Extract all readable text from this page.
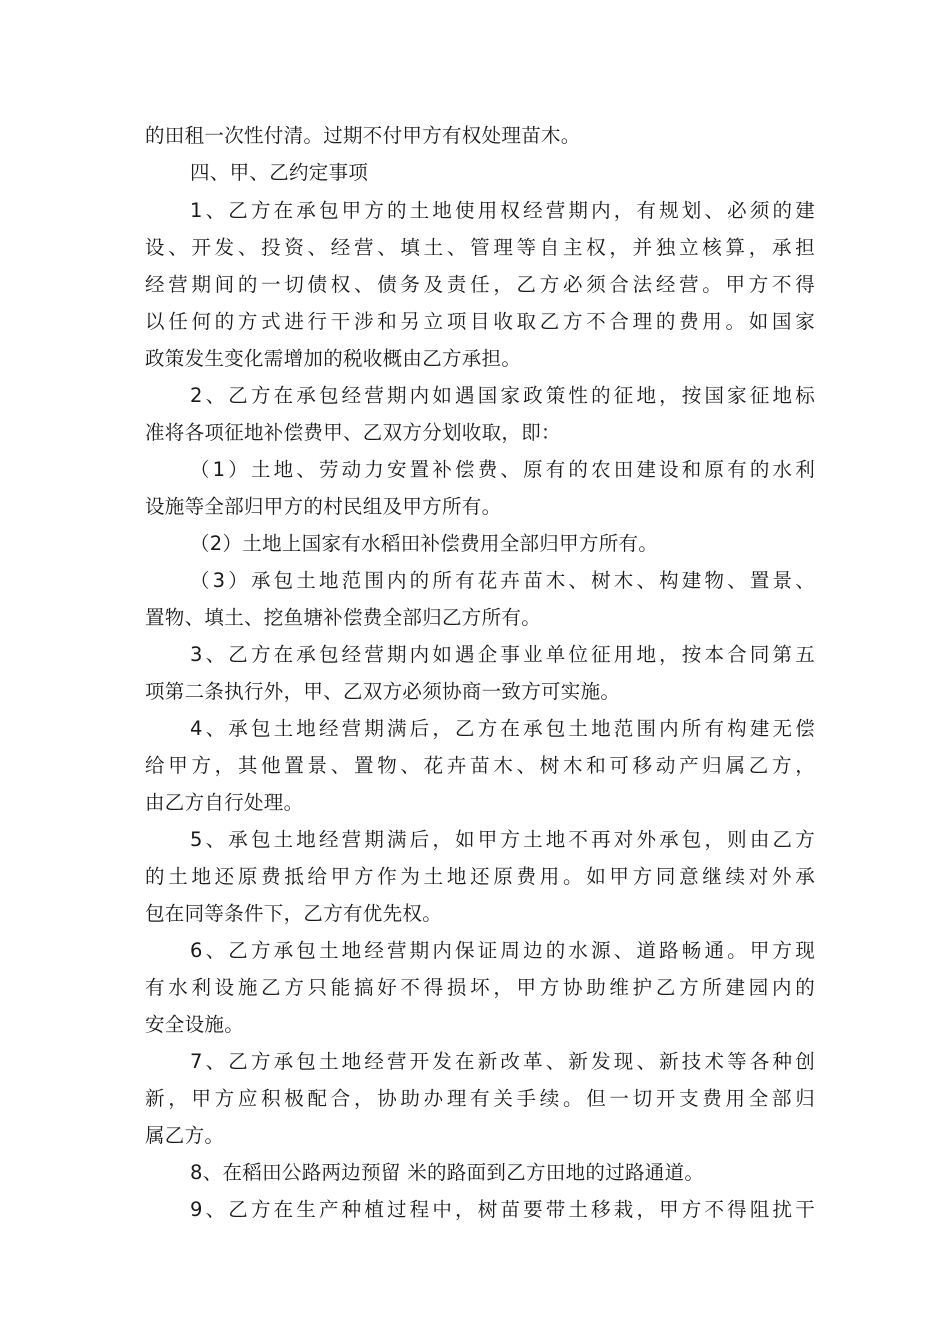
的田租一次性付清。过期不付甲方有权处理苗木。
四、甲、乙约定事项
1、乙方在承包甲方的土地使用权经营期内，有规划、必须的建
设、开发、投资、经营、填土、管理等自主权，并独立核算，承担
经营期间的一切债权、债务及责任，乙方必须合法经营。甲方不得
以任何的方式进行干涉和另立项目收取乙方不合理的费用。如国家
政策发生变化需增加的税收概由乙方承担。
2、乙方在承包经营期内如遇国家政策性的征地，按国家征地标
准将各项征地补偿费甲、乙双方分划收取，即：
（1）土地、劳动力安置补偿费、原有的农田建设和原有的水利
设施等全部归甲方的村民组及甲方所有。
（2）土地上国家有水稻田补偿费用全部归甲方所有。
（3）承包土地范围内的所有花卉苗木、树木、构建物、置景、
置物、填土、挖鱼塘补偿费全部归乙方所有。
3、乙方在承包经营期内如遇企事业单位征用地，按本合同第五
项第二条执行外，甲、乙双方必须协商一致方可实施。
4、承包土地经营期满后，乙方在承包土地范围内所有构建无偿
给甲方，其他置景、置物、花卉苗木、树木和可移动产归属乙方，
由乙方自行处理。
5、承包土地经营期满后，如甲方土地不再对外承包，则由乙方
的土地还原费抵给甲方作为土地还原费用。如甲方同意继续对外承
包在同等条件下，乙方有优先权。
6、乙方承包土地经营期内保证周边的水源、道路畅通。甲方现
有水利设施乙方只能搞好不得损坏，甲方协助维护乙方所建园内的
安全设施。
7、乙方承包土地经营开发在新改革、新发现、新技术等各种创
新，甲方应积极配合，协助办理有关手续。但一切开支费用全部归
属乙方。
8、在稻田公路两边预留 米的路面到乙方田地的过路通道。
9、乙方在生产种植过程中，树苗要带土移栽，甲方不得阻扰干
